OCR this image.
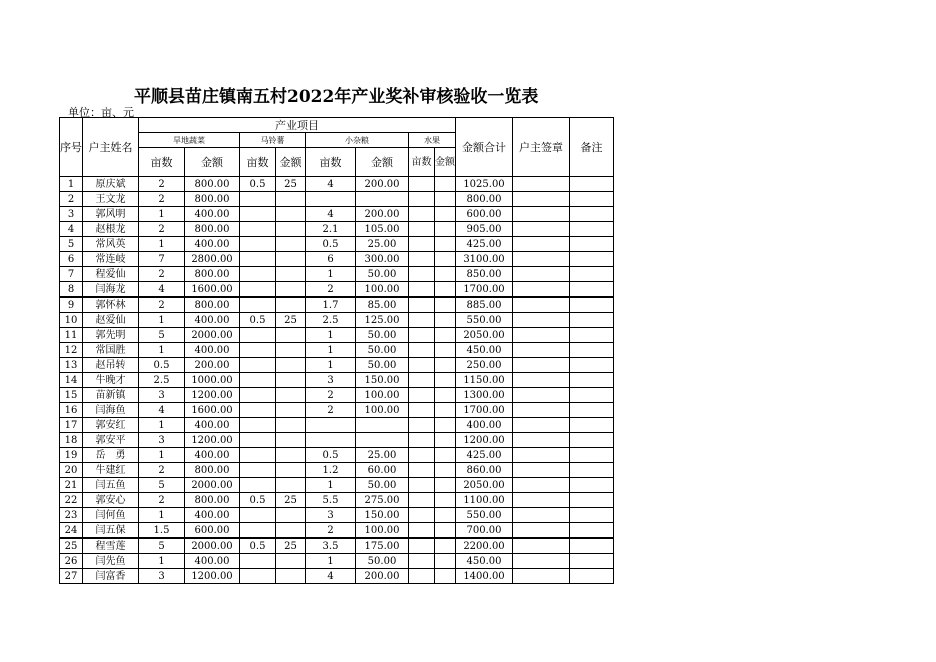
平顺县苗庄镇南五村2022年产业奖补审核验收一览表
单位：亩、元
序号	户主姓名	产业项目								金额合计	户主签章	备注
		旱地蔬菜		马铃薯		小杂粮		水果				
		亩数	金额	亩数	金额	亩数	金额	亩数	金额			
1	原庆斌	2	800.00	0.5	25	4	200.00			1025.00		
2	王文龙	2	800.00							800.00		
3	郭风明	1	400.00			4	200.00			600.00		
4	赵根龙	2	800.00			2.1	105.00			905.00		
5	常风英	1	400.00			0.5	25.00			425.00		
6	常连岐	7	2800.00			6	300.00			3100.00		
7	程爱仙	2	800.00			1	50.00			850.00		
8	闫海龙	4	1600.00			2	100.00			1700.00		
9	郭怀林	2	800.00			1.7	85.00			885.00		
10	赵爱仙	1	400.00	0.5	25	2.5	125.00			550.00		
11	郭先明	5	2000.00			1	50.00			2050.00		
12	常国胜	1	400.00			1	50.00			450.00		
13	赵吊转	0.5	200.00			1	50.00			250.00		
14	牛晚才	2.5	1000.00			3	150.00			1150.00		
15	苗新镇	3	1200.00			2	100.00			1300.00		
16	闫海鱼	4	1600.00			2	100.00			1700.00		
17	郭安红	1	400.00							400.00		
18	郭安平	3	1200.00							1200.00		
19	岳　勇	1	400.00			0.5	25.00			425.00		
20	牛建红	2	800.00			1.2	60.00			860.00		
21	闫五鱼	5	2000.00			1	50.00			2050.00		
22	郭安心	2	800.00	0.5	25	5.5	275.00			1100.00		
23	闫何鱼	1	400.00			3	150.00			550.00		
24	闫五保	1.5	600.00			2	100.00			700.00		
25	程雪莲	5	2000.00	0.5	25	3.5	175.00			2200.00		
26	闫先鱼	1	400.00			1	50.00			450.00		
27	闫富香	3	1200.00			4	200.00			1400.00		
